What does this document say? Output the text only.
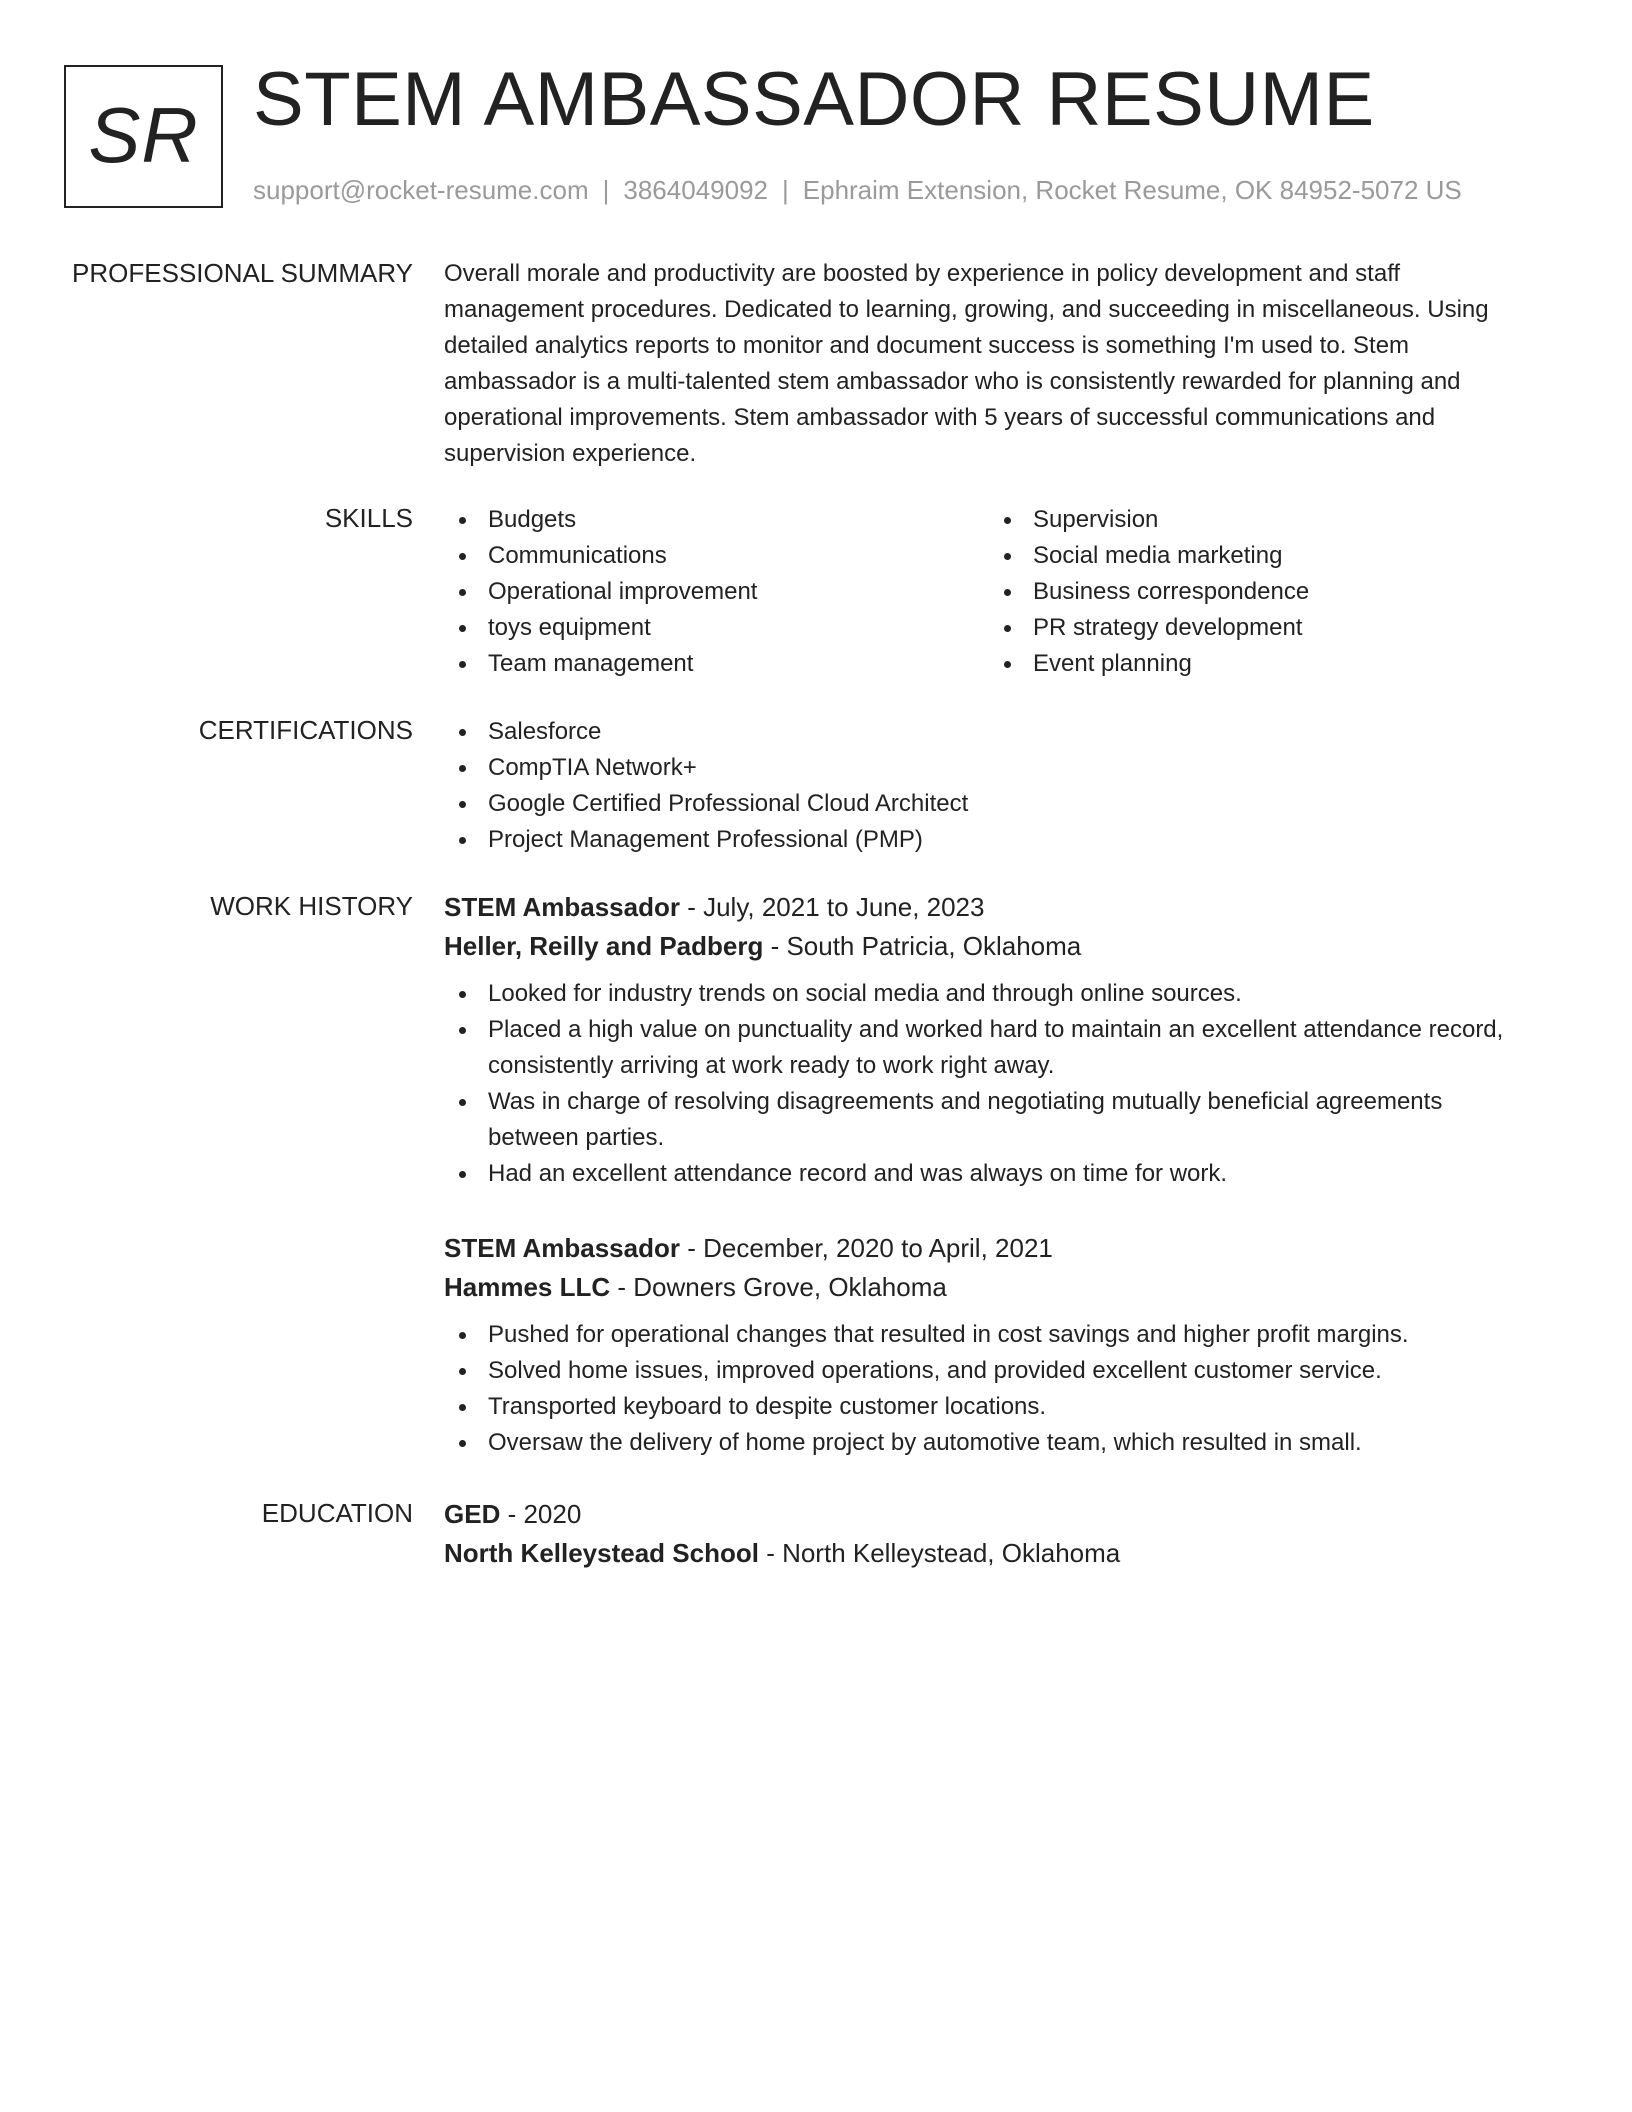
SR STEM AMBASSADOR RESUME
support@rocket-resume.com | 3864049092 | Ephraim Extension, Rocket Resume, OK 84952-5072 US
PROFESSIONAL SUMMARY Overall morale and productivity are boosted by experience in policy development and staff management procedures. Dedicated to learning, growing, and succeeding in miscellaneous. Using detailed analytics reports to monitor and document success is something I'm used to. Stem ambassador is a multi-talented stem ambassador who is consistently rewarded for planning and operational improvements. Stem ambassador with 5 years of successful communications and supervision experience.
SKILLS	Budgets
Communications
Operational improvement
toys equipment
Team management
Supervision
Social media marketing
Business correspondence
PR strategy development
Event planning
CERTIFICATIONS	Salesforce
CompTIA Network+
Google Certified Professional Cloud Architect
Project Management Professional (PMP)
WORK HISTORY STEM Ambassador - July, 2021 to June, 2023
Heller, Reilly and Padberg - South Patricia, Oklahoma
Looked for industry trends on social media and through online sources.
Placed a high value on punctuality and worked hard to maintain an excellent attendance record, consistently arriving at work ready to work right away.
Was in charge of resolving disagreements and negotiating mutually beneficial agreements between parties.
Had an excellent attendance record and was always on time for work.
STEM Ambassador - December, 2020 to April, 2021
Hammes LLC - Downers Grove, Oklahoma
Pushed for operational changes that resulted in cost savings and higher profit margins.
Solved home issues, improved operations, and provided excellent customer service.
Transported keyboard to despite customer locations.
Oversaw the delivery of home project by automotive team, which resulted in small.
EDUCATION GED - 2020
North Kelleystead School - North Kelleystead, Oklahoma
